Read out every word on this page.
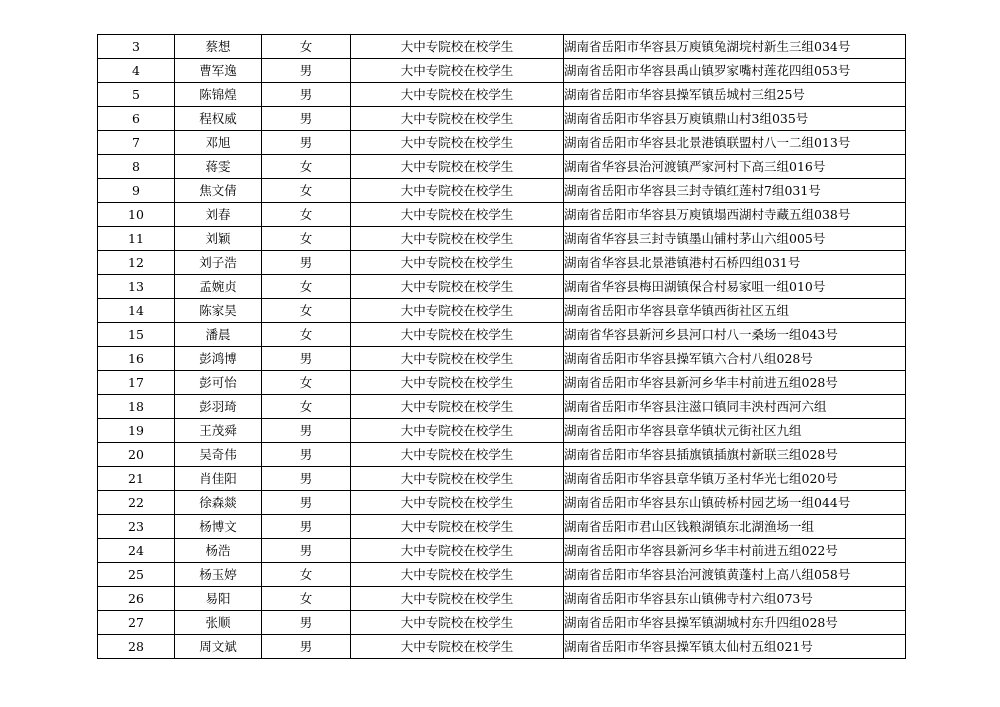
3	蔡想	女	大中专院校在校学生	湖南省岳阳市华容县万庾镇兔湖垸村新生三组034号
4	曹军逸	男	大中专院校在校学生	湖南省岳阳市华容县禹山镇罗家嘴村莲花四组053号
5	陈锦煌	男	大中专院校在校学生	湖南省岳阳市华容县操军镇岳城村三组25号
6	程权威	男	大中专院校在校学生	湖南省岳阳市华容县万庾镇鼎山村3组035号
7	邓旭	男	大中专院校在校学生	湖南省岳阳市华容县北景港镇联盟村八一二组013号
8	蒋雯	女	大中专院校在校学生	湖南省华容县治河渡镇严家河村下高三组016号
9	焦文倩	女	大中专院校在校学生	湖南省岳阳市华容县三封寺镇红莲村7组031号
10	刘春	女	大中专院校在校学生	湖南省岳阳市华容县万庾镇塌西湖村寺藏五组038号
11	刘颖	女	大中专院校在校学生	湖南省华容县三封寺镇墨山铺村茅山六组005号
12	刘子浩	男	大中专院校在校学生	湖南省华容县北景港镇港村石桥四组031号
13	孟婉贞	女	大中专院校在校学生	湖南省华容县梅田湖镇保合村易家咀一组010号
14	陈家昊	女	大中专院校在校学生	湖南省岳阳市华容县章华镇西街社区五组
15	潘晨	女	大中专院校在校学生	湖南省华容县新河乡县河口村八一桑场一组043号
16	彭鸿博	男	大中专院校在校学生	湖南省岳阳市华容县操军镇六合村八组028号
17	彭可怡	女	大中专院校在校学生	湖南省岳阳市华容县新河乡华丰村前进五组028号
18	彭羽琦	女	大中专院校在校学生	湖南省岳阳市华容县注滋口镇同丰泱村西河六组
19	王茂舜	男	大中专院校在校学生	湖南省岳阳市华容县章华镇状元街社区九组
20	吴奇伟	男	大中专院校在校学生	湖南省岳阳市华容县插旗镇插旗村新联三组028号
21	肖佳阳	男	大中专院校在校学生	湖南省岳阳市华容县章华镇万圣村华光七组020号
22	徐森燚	男	大中专院校在校学生	湖南省岳阳市华容县东山镇砖桥村园艺场一组044号
23	杨博文	男	大中专院校在校学生	湖南省岳阳市君山区钱粮湖镇东北湖渔场一组
24	杨浩	男	大中专院校在校学生	湖南省岳阳市华容县新河乡华丰村前进五组022号
25	杨玉婷	女	大中专院校在校学生	湖南省岳阳市华容县治河渡镇黄蓬村上高八组058号
26	易阳	女	大中专院校在校学生	湖南省岳阳市华容县东山镇佛寺村六组073号
27	张顺	男	大中专院校在校学生	湖南省岳阳市华容县操军镇湖城村东升四组028号
28	周文斌	男	大中专院校在校学生	湖南省岳阳市华容县操军镇太仙村五组021号
